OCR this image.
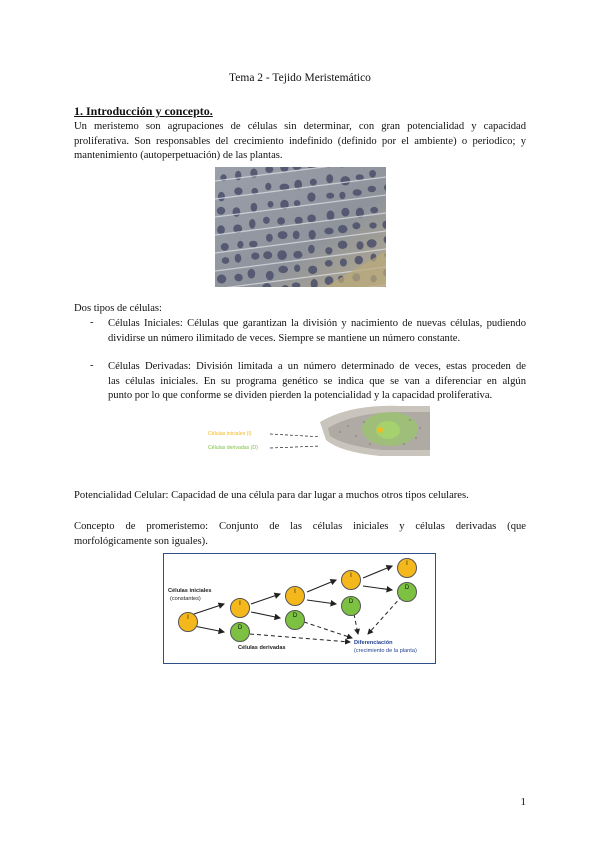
Tema 2 - Tejido Meristemático
1. Introducción y concepto.
Un meristemo son agrupaciones de células sin determinar, con gran potencialidad y capacidad
proliferativa. Son responsables del crecimiento indefinido (definido por el ambiente) o periodico; y
mantenimiento (autoperpetuación) de las plantas.
Dos tipos de células:
- Células Iniciales: Células que garantizan la división y nacimiento de nuevas células, pudiendo
dividirse un número ilimitado de veces. Siempre se mantiene un número constante.
- Células Derivadas: División limitada a un número determinado de veces, estas proceden de
las células iniciales. En su programa genético se indica que se van a diferenciar en algún
punto por lo que conforme se dividen pierden la potencialidad y la capacidad proliferativa.
Células iniciales (I)
Células derivadas (D)
Potencialidad Celular: Capacidad de una célula para dar lugar a muchos otros tipos celulares.
Concepto de promeristemo: Conjunto de las células iniciales y células derivadas (que
morfológicamente son iguales).
I
I
D
I
D
I
D
I
D
Células iniciales
(constantes)
Células derivadas
Diferenciación
(crecimiento de la planta)
1
